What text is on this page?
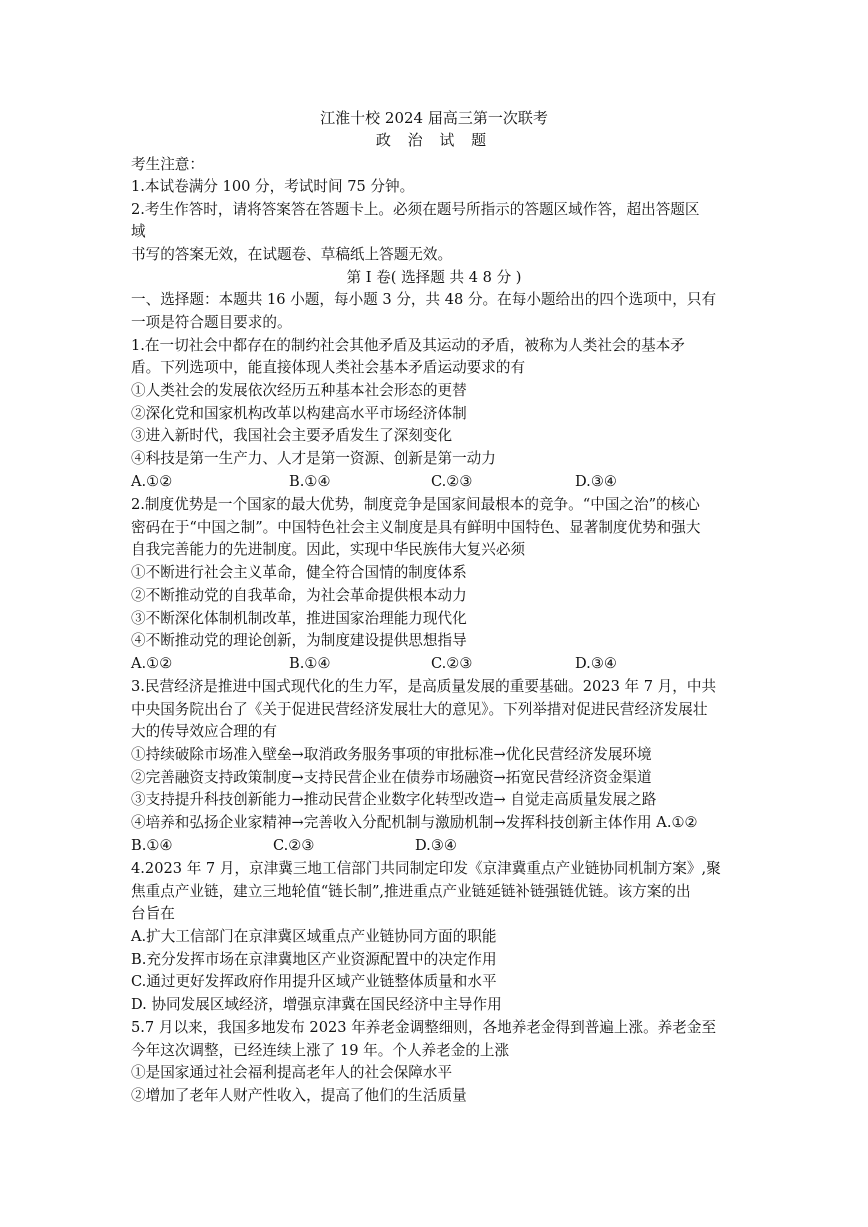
江淮十校 2024 届高三第一次联考
政 治 试 题
考生注意：
1.本试卷满分 100 分，考试时间 75 分钟。
2.考生作答时，请将答案答在答题卡上。必须在题号所指示的答题区域作答，超出答题区
域
书写的答案无效，在试题卷、草稿纸上答题无效。
第 I 卷( 选择题 共 4 8 分 )
一、选择题：本题共 16 小题，每小题 3 分，共 48 分。在每小题给出的四个选项中，只有
一项是符合题目要求的。
1.在一切社会中都存在的制约社会其他矛盾及其运动的矛盾，被称为人类社会的基本矛
盾。下列选项中，能直接体现人类社会基本矛盾运动要求的有
①人类社会的发展依次经历五种基本社会形态的更替
②深化党和国家机构改革以构建高水平市场经济体制
③进入新时代，我国社会主要矛盾发生了深刻变化
④科技是第一生产力、人才是第一资源、创新是第一动力
A.①②	B.①④	C.②③	D.③④
2.制度优势是一个国家的最大优势，制度竞争是国家间最根本的竞争。“中国之治”的核心
密码在于“中国之制”。中国特色社会主义制度是具有鲜明中国特色、显著制度优势和强大
自我完善能力的先进制度。因此，实现中华民族伟大复兴必须
①不断进行社会主义革命，健全符合国情的制度体系
②不断推动党的自我革命，为社会革命提供根本动力
③不断深化体制机制改革，推进国家治理能力现代化
④不断推动党的理论创新，为制度建设提供思想指导
A.①②	B.①④	C.②③	D.③④
3.民营经济是推进中国式现代化的生力军，是高质量发展的重要基础。2023 年 7 月，中共
中央国务院出台了《关于促进民营经济发展壮大的意见》。下列举措对促进民营经济发展壮
大的传导效应合理的有
①持续破除市场准入壁垒→取消政务服务事项的审批标准→优化民营经济发展环境
②完善融资支持政策制度→支持民营企业在债券市场融资→拓宽民营经济资金渠道
③支持提升科技创新能力→推动民营企业数字化转型改造→ 自觉走高质量发展之路
④培养和弘扬企业家精神→完善收入分配机制与激励机制→发挥科技创新主体作用 A.①②
B.①④	C.②③	D.③④
4.2023 年 7 月，京津冀三地工信部门共同制定印发《京津冀重点产业链协同机制方案》,聚
焦重点产业链，建立三地轮值“链长制”,推进重点产业链延链补链强链优链。该方案的出
台旨在
A.扩大工信部门在京津冀区域重点产业链协同方面的职能
B.充分发挥市场在京津冀地区产业资源配置中的决定作用
C.通过更好发挥政府作用提升区域产业链整体质量和水平
D. 协同发展区域经济，增强京津冀在国民经济中主导作用
5.7 月以来，我国多地发布 2023 年养老金调整细则，各地养老金得到普遍上涨。养老金至
今年这次调整，已经连续上涨了 19 年。个人养老金的上涨
①是国家通过社会福利提高老年人的社会保障水平
②增加了老年人财产性收入，提高了他们的生活质量
